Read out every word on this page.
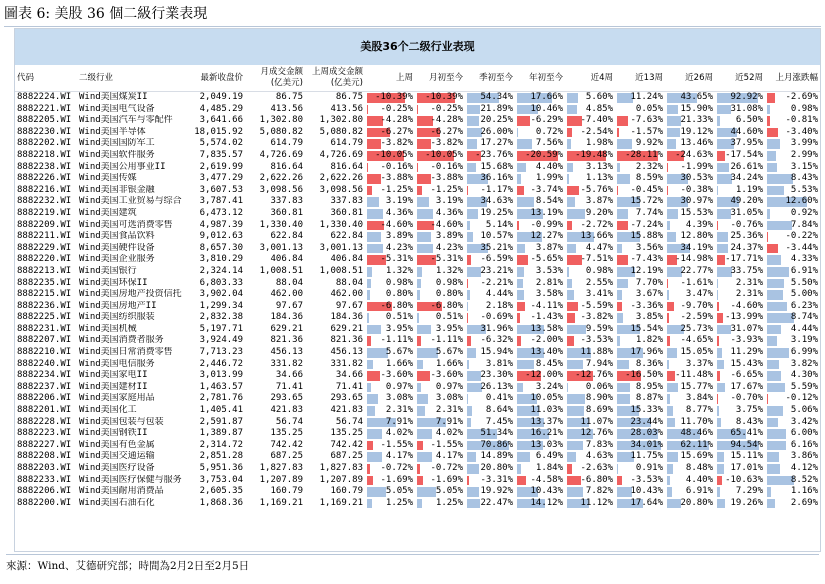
圖表 6: 美股 36 個二級行業表現
美股36个二级行业表现
代码	二级行业	最新收盘价	月成交金额 (亿美元)	上周成交金额 (亿美元)	上周	月初至今	季初至今	年初至今	近4周	近13周	近26周	近52周	上月涨跌幅
8882224.WI	Wind美国煤炭II	2,049.19	86.75	86.75	-10.39%	-10.39%	54.34%	17.66%	5.60%	11.24%	43.65%	92.92%	-2.69%
8882221.WI	Wind美国电气设备	4,485.29	413.56	413.56	-0.25%	-0.25%	21.89%	10.46%	4.85%	0.05%	15.90%	31.08%	0.98%
8882205.WI	Wind美国汽车与零配件	3,641.66	1,302.80	1,302.80	-4.28%	-4.28%	20.25%	-6.29%	-7.40%	-7.63%	21.33%	6.50%	-0.81%
8882230.WI	Wind美国半导体	18,015.92	5,080.82	5,080.82	-6.27%	-6.27%	26.00%	0.72%	-2.54%	-1.57%	19.12%	44.60%	-3.40%
8882202.WI	Wind美国国防军工	5,574.02	614.79	614.79	-3.82%	-3.82%	17.27%	7.56%	1.98%	9.92%	13.46%	37.95%	3.99%
8882218.WI	Wind美国软件服务	7,835.57	4,726.69	4,726.69	-10.05%	-10.05%	-23.76%	-20.59%	-19.48%	-28.11%	-24.63%	-17.54%	2.99%
8882238.WI	Wind美国公用事业II	2,619.99	816.64	816.64	-0.16%	-0.16%	15.68%	4.40%	3.13%	2.32%	-1.99%	26.61%	3.15%
8882226.WI	Wind美国传媒	3,477.29	2,622.26	2,622.26	-3.88%	-3.88%	36.16%	1.99%	1.13%	8.59%	30.53%	34.24%	8.43%
8882216.WI	Wind美国非银金融	3,607.53	3,098.56	3,098.56	-1.25%	-1.25%	-1.17%	-3.74%	-5.76%	-0.45%	-0.38%	1.19%	5.53%
8882232.WI	Wind美国工业贸易与综合	3,787.41	337.83	337.83	3.19%	3.19%	34.63%	8.54%	3.87%	15.72%	30.97%	49.20%	12.60%
8882219.WI	Wind美国建筑	6,473.12	360.81	360.81	4.36%	4.36%	19.25%	13.19%	9.20%	7.74%	15.53%	31.05%	0.92%
8882209.WI	Wind美国可选消费零售	4,987.39	1,330.40	1,330.40	-4.60%	-4.60%	5.14%	-0.99%	-2.72%	-7.24%	4.39%	-0.76%	7.84%
8882211.WI	Wind美国食品饮料	9,012.63	622.84	622.84	3.89%	3.89%	10.57%	12.27%	13.66%	15.88%	12.80%	25.36%	-0.22%
8882229.WI	Wind美国硬件设备	8,657.30	3,001.13	3,001.13	4.23%	4.23%	35.21%	3.87%	4.47%	3.56%	34.19%	24.37%	-3.44%
8882220.WI	Wind美国企业服务	3,810.29	406.84	406.84	-5.31%	-5.31%	-6.59%	-5.65%	-7.51%	-7.43%	-14.98%	-17.71%	4.33%
8882213.WI	Wind美国银行	2,324.14	1,008.51	1,008.51	1.32%	1.32%	23.21%	3.53%	0.98%	12.19%	22.77%	33.75%	6.91%
8882235.WI	Wind美国环保II	6,803.33	88.04	88.04	0.98%	0.98%	-2.21%	2.81%	2.55%	7.70%	-1.61%	2.31%	5.50%
8882215.WI	Wind美国房地产投资信托	3,902.04	462.00	462.00	0.80%	0.80%	4.44%	3.58%	3.41%	3.67%	3.47%	2.31%	5.00%
8882236.WI	Wind美国房地产II	1,299.34	97.67	97.67	-6.80%	-6.80%	2.18%	-4.11%	-5.59%	-3.36%	-9.70%	-4.60%	6.23%
8882225.WI	Wind美国纺织服装	2,832.38	184.36	184.36	0.51%	0.51%	-0.69%	-1.43%	-3.82%	3.85%	-2.59%	-13.99%	8.74%
8882231.WI	Wind美国机械	5,197.71	629.21	629.21	3.95%	3.95%	31.96%	13.58%	9.59%	15.54%	25.73%	31.07%	4.44%
8882207.WI	Wind美国消费者服务	3,924.49	821.36	821.36	-1.11%	-1.11%	-6.32%	-2.00%	-3.53%	1.82%	-4.65%	-3.93%	3.19%
8882210.WI	Wind美国日常消费零售	7,713.23	456.13	456.13	5.67%	5.67%	15.94%	13.40%	11.88%	17.96%	15.05%	11.29%	6.99%
8882240.WI	Wind美国电信服务	2,446.72	331.82	331.82	1.66%	1.66%	3.81%	8.45%	7.94%	8.36%	3.37%	15.43%	3.82%
8882234.WI	Wind美国家电II	3,013.99	34.66	34.66	-3.60%	-3.60%	23.30%	-12.00%	-12.76%	-16.50%	-11.48%	-6.65%	4.30%
8882237.WI	Wind美国建材II	1,463.57	71.41	71.41	0.97%	0.97%	26.13%	3.24%	0.06%	8.95%	15.77%	17.67%	5.59%
8882206.WI	Wind美国家庭用品	2,781.76	293.65	293.65	3.08%	3.08%	0.41%	10.05%	8.90%	8.87%	3.84%	-0.70%	-0.12%
8882201.WI	Wind美国化工	1,405.41	421.83	421.83	2.31%	2.31%	8.64%	11.03%	8.69%	15.33%	8.77%	3.75%	5.06%
8882228.WI	Wind美国包装与包装	2,591.87	56.74	56.74	7.91%	7.91%	7.45%	13.37%	11.07%	23.44%	11.70%	8.43%	3.42%
8882223.WI	Wind美国钢铁II	1,389.87	135.25	135.25	4.02%	4.02%	51.34%	16.21%	12.76%	28.03%	48.46%	65.41%	6.00%
8882227.WI	Wind美国有色金属	2,314.72	742.42	742.42	-1.55%	-1.55%	70.86%	13.03%	7.83%	34.01%	62.11%	94.54%	6.16%
8882208.WI	Wind美国交通运输	2,851.28	687.25	687.25	4.17%	4.17%	14.89%	6.49%	4.63%	11.75%	15.69%	15.11%	3.86%
8882203.WI	Wind美国医疗设备	5,951.36	1,827.83	1,827.83	-0.72%	-0.72%	20.80%	1.84%	-2.63%	0.91%	8.48%	17.01%	4.12%
8882233.WI	Wind美国医疗保健与服务	3,753.04	1,207.89	1,207.89	-1.69%	-1.69%	-3.31%	-4.58%	-6.80%	-3.53%	4.40%	-10.63%	8.52%
8882206.WI	Wind美国耐用消费品	2,605.35	160.79	160.79	5.05%	5.05%	19.92%	10.43%	7.82%	10.43%	6.91%	7.29%	1.16%
8882200.WI	Wind美国石油石化	1,868.36	1,169.21	1,169.21	1.25%	1.25%	22.47%	14.12%	11.12%	17.64%	20.80%	19.26%	2.69%
來源：Wind、艾德研究部；時間為2月2日至2月5日
